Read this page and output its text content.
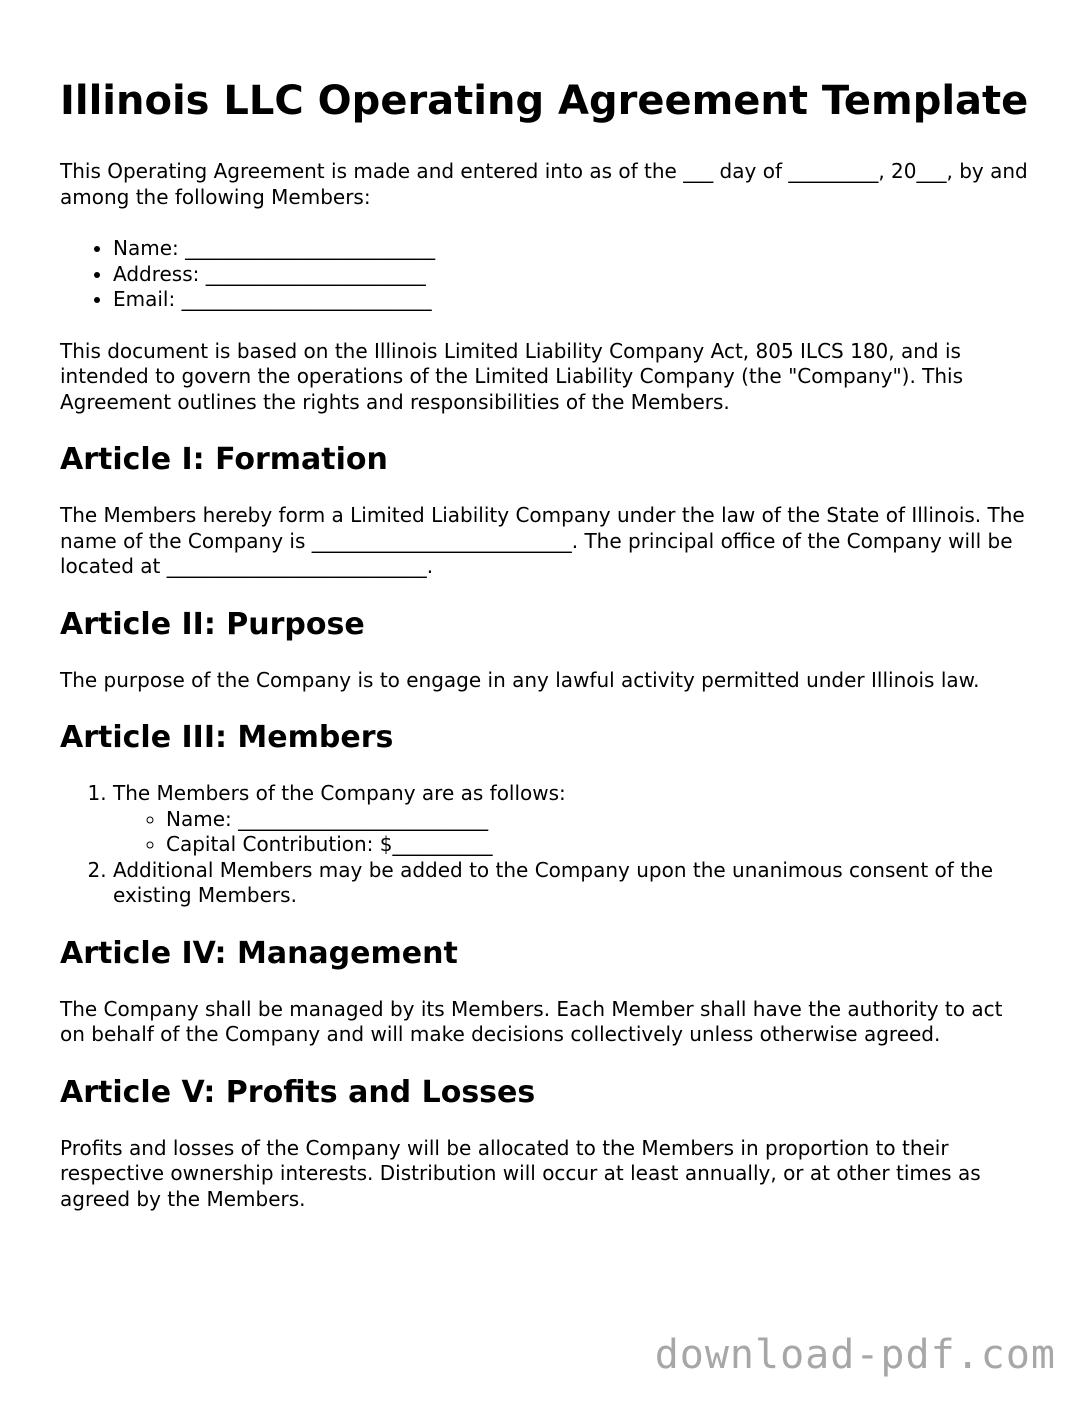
Illinois LLC Operating Agreement Template

This Operating Agreement is made and entered into as of the ___ day of _________, 20___, by and among the following Members:

• Name: _________________________
• Address: ______________________
• Email: _________________________

This document is based on the Illinois Limited Liability Company Act, 805 ILCS 180, and is intended to govern the operations of the Limited Liability Company (the "Company"). This Agreement outlines the rights and responsibilities of the Members.

Article I: Formation

The Members hereby form a Limited Liability Company under the law of the State of Illinois. The name of the Company is __________________________. The principal office of the Company will be located at __________________________.

Article II: Purpose

The purpose of the Company is to engage in any lawful activity permitted under Illinois law.

Article III: Members
1. The Members of the Company are as follows:
◦ Name: _________________________
◦ Capital Contribution: $__________
2. Additional Members may be added to the Company upon the unanimous consent of the existing Members.
Article IV: Management

The Company shall be managed by its Members. Each Member shall have the authority to act on behalf of the Company and will make decisions collectively unless otherwise agreed.

Article V: Profits and Losses

Profits and losses of the Company will be allocated to the Members in proportion to their respective ownership interests. Distribution will occur at least annually, or at other times as agreed by the Members.

download-pdf.com
